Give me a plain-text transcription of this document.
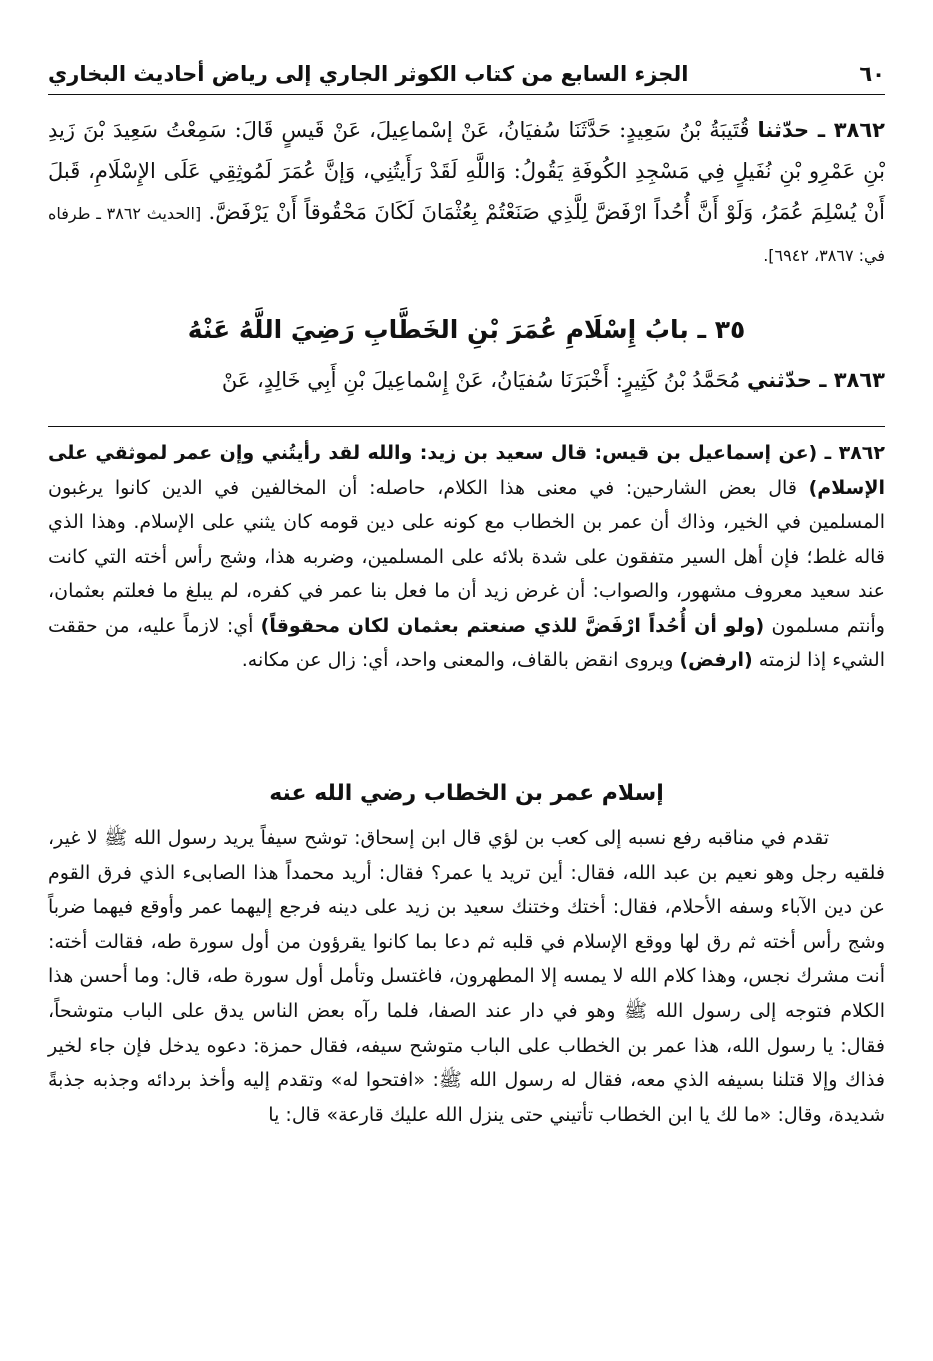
٦٠
الجزء السابع من كتاب الكوثر الجاري إلى رياض أحاديث البخاري
٣٨٦٢ ـ حدّثنا قُتَيبَةُ بْنُ سَعِيدٍ: حَدَّثَنَا سُفيَانُ، عَنْ إسْماعِيلَ، عَنْ قَيسٍ قَالَ: سَمِعْتُ سَعِيدَ بْنَ زَيدِ بْنِ عَمْرِو بْنِ نُفَيلٍ فِي مَسْجِدِ الكُوفَةِ يَقُولُ: وَاللَّهِ لَقَدْ رَأَيتُنِي، وَإنَّ عُمَرَ لَمُوثِقِي عَلَى الإِسْلَامِ، قَبلَ أَنْ يُسْلِمَ عُمَرُ، وَلَوْ أَنَّ أُحُداً ارْفَضَّ لِلَّذِي صَنَعْتُمْ بِعُثْمَانَ لَكَانَ مَحْقُوقاً أَنْ يَرْفَضَّ. [الحديث ٣٨٦٢ ـ طرفاه في: ٣٨٦٧، ٦٩٤٢].
٣٥ ـ بابُ إِسْلَامِ عُمَرَ بْنِ الخَطَّابِ رَضِيَ اللَّهُ عَنْهُ
٣٨٦٣ ـ حدّثني مُحَمَّدُ بْنُ كَثِيرٍ: أَخْبَرَنَا سُفيَانُ، عَنْ إِسْماعِيلَ بْنِ أَبِي خَالِدٍ، عَنْ
٣٨٦٢ ـ (عن إسماعيل بن قيس: قال سعيد بن زيد: والله لقد رأيتُني وإن عمر لموثقي على الإسلام) قال بعض الشارحين: في معنى هذا الكلام، حاصله: أن المخالفين في الدين كانوا يرغبون المسلمين في الخير، وذاك أن عمر بن الخطاب مع كونه على دين قومه كان يثني على الإسلام. وهذا الذي قاله غلط؛ فإن أهل السير متفقون على شدة بلائه على المسلمين، وضربه هذا، وشج رأس أخته التي كانت عند سعيد معروف مشهور، والصواب: أن غرض زيد أن ما فعل بنا عمر في كفره، لم يبلغ ما فعلتم بعثمان، وأنتم مسلمون (ولو أن أُحُداً ارْفَضَّ للذي صنعتم بعثمان لكان محقوقاً) أي: لازماً عليه، من حققت الشيء إذا لزمته (ارفض) ويروى انقض بالقاف، والمعنى واحد، أي: زال عن مكانه.
إسلام عمر بن الخطاب رضي الله عنه
تقدم في مناقبه رفع نسبه إلى كعب بن لؤي قال ابن إسحاق: توشح سيفاً يريد رسول الله ﷺ لا غير، فلقيه رجل وهو نعيم بن عبد الله، فقال: أين تريد يا عمر؟ فقال: أريد محمداً هذا الصابىء الذي فرق القوم عن دين الآباء وسفه الأحلام، فقال: أختك وختنك سعيد بن زيد على دينه فرجع إليهما عمر وأوقع فيهما ضرباً وشج رأس أخته ثم رق لها ووقع الإسلام في قلبه ثم دعا بما كانوا يقرؤون من أول سورة طه، فقالت أخته: أنت مشرك نجس، وهذا كلام الله لا يمسه إلا المطهرون، فاغتسل وتأمل أول سورة طه، قال: وما أحسن هذا الكلام فتوجه إلى رسول الله ﷺ وهو في دار عند الصفا، فلما رآه بعض الناس يدق على الباب متوشحاً، فقال: يا رسول الله، هذا عمر بن الخطاب على الباب متوشح سيفه، فقال حمزة: دعوه يدخل فإن جاء لخير فذاك وإلا قتلنا بسيفه الذي معه، فقال له رسول الله ﷺ: «افتحوا له» وتقدم إليه وأخذ بردائه وجذبه جذبةً شديدة، وقال: «ما لك يا ابن الخطاب تأتيني حتى ينزل الله عليك قارعة» قال: يا
